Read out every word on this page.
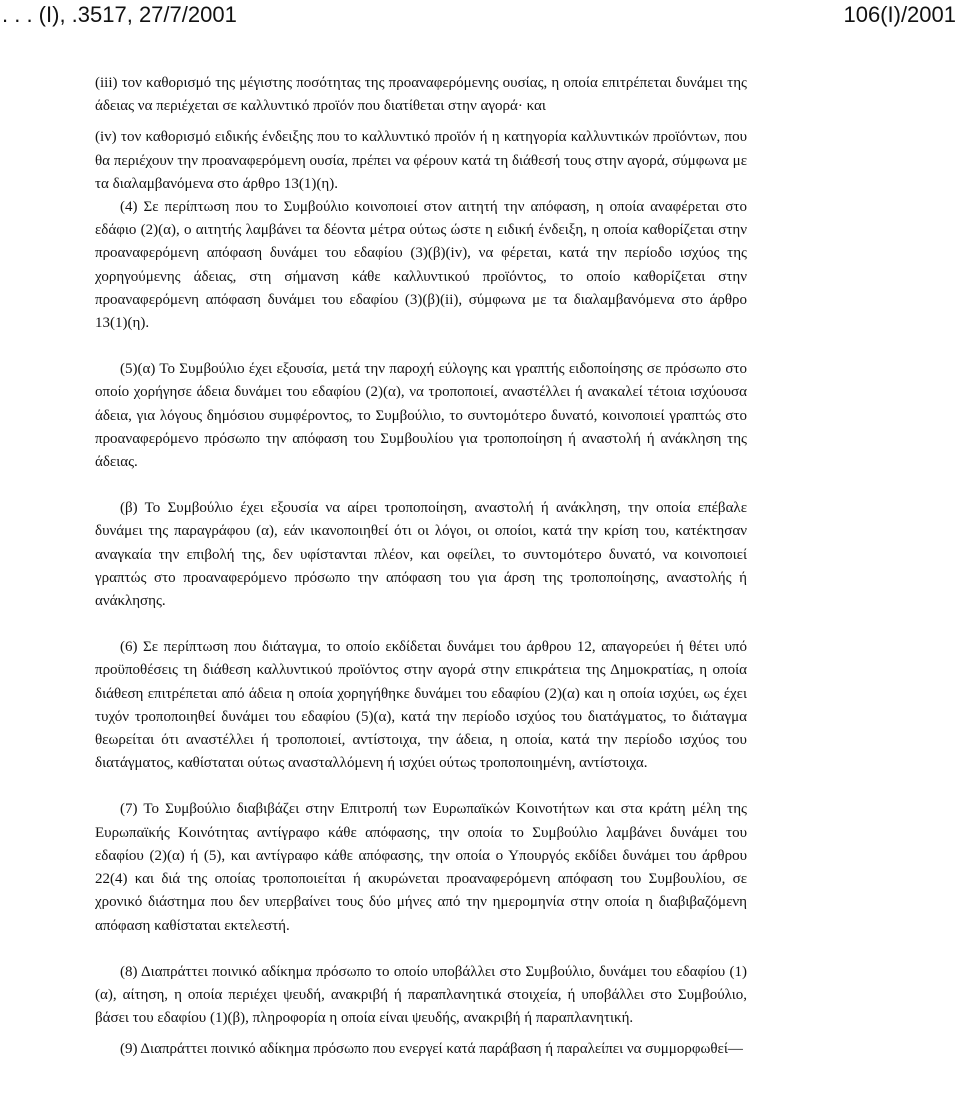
. . . (Ι), .3517, 27/7/2001	106(Ι)/2001

(iii) τον καθορισμό της μέγιστης ποσότητας της προαναφερόμενης ουσίας, η οποία επιτρέπεται δυνάμει της άδειας να περιέχεται σε καλλυντικό προϊόν που διατίθεται στην αγορά· και

(iv) τον καθορισμό ειδικής ένδειξης που το καλλυντικό προϊόν ή η κατηγορία καλλυντικών προϊόντων, που θα περιέχουν την προαναφερόμενη ουσία, πρέπει να φέρουν κατά τη διάθεσή τους στην αγορά, σύμφωνα με τα διαλαμβανόμενα στο άρθρο 13(1)(η).

(4) Σε περίπτωση που το Συμβούλιο κοινοποιεί στον αιτητή την απόφαση, η οποία αναφέρεται στο εδάφιο (2)(α), ο αιτητής λαμβάνει τα δέοντα μέτρα ούτως ώστε η ειδική ένδειξη, η οποία καθορίζεται στην προαναφερόμενη απόφαση δυνάμει του εδαφίου (3)(β)(iv), να φέρεται, κατά την περίοδο ισχύος της χορηγούμενης άδειας, στη σήμανση κάθε καλλυντικού προϊόντος, το οποίο καθορίζεται στην προαναφερόμενη απόφαση δυνάμει του εδαφίου (3)(β)(ii), σύμφωνα με τα διαλαμβανόμενα στο άρθρο 13(1)(η).

(5)(α) Το Συμβούλιο έχει εξουσία, μετά την παροχή εύλογης και γραπτής ειδοποίησης σε πρόσωπο στο οποίο χορήγησε άδεια δυνάμει του εδαφίου (2)(α), να τροποποιεί, αναστέλλει ή ανακαλεί τέτοια ισχύουσα άδεια, για λόγους δημόσιου συμφέροντος, το Συμβούλιο, το συντομότερο δυνατό, κοινοποιεί γραπτώς στο προαναφερόμενο πρόσωπο την απόφαση του Συμβουλίου για τροποποίηση ή αναστολή ή ανάκληση της άδειας.

(β) Το Συμβούλιο έχει εξουσία να αίρει τροποποίηση, αναστολή ή ανάκληση, την οποία επέβαλε δυνάμει της παραγράφου (α), εάν ικανοποιηθεί ότι οι λόγοι, οι οποίοι, κατά την κρίση του, κατέκτησαν αναγκαία την επιβολή της, δεν υφίστανται πλέον, και οφείλει, το συντομότερο δυνατό, να κοινοποιεί γραπτώς στο προαναφερόμενο πρόσωπο την απόφαση του για άρση της τροποποίησης, αναστολής ή ανάκλησης.

(6) Σε περίπτωση που διάταγμα, το οποίο εκδίδεται δυνάμει του άρθρου 12, απαγορεύει ή θέτει υπό προϋποθέσεις τη διάθεση καλλυντικού προϊόντος στην αγορά στην επικράτεια της Δημοκρατίας, η οποία διάθεση επιτρέπεται από άδεια η οποία χορηγήθηκε δυνάμει του εδαφίου (2)(α) και η οποία ισχύει, ως έχει τυχόν τροποποιηθεί δυνάμει του εδαφίου (5)(α), κατά την περίοδο ισχύος του διατάγματος, το διάταγμα θεωρείται ότι αναστέλλει ή τροποποιεί, αντίστοιχα, την άδεια, η οποία, κατά την περίοδο ισχύος του διατάγματος, καθίσταται ούτως ανασταλλόμενη ή ισχύει ούτως τροποποιημένη, αντίστοιχα.

(7) Το Συμβούλιο διαβιβάζει στην Επιτροπή των Ευρωπαϊκών Κοινοτήτων και στα κράτη μέλη της Ευρωπαϊκής Κοινότητας αντίγραφο κάθε απόφασης, την οποία το Συμβούλιο λαμβάνει δυνάμει του εδαφίου (2)(α) ή (5), και αντίγραφο κάθε απόφασης, την οποία ο Υπουργός εκδίδει δυνάμει του άρθρου 22(4) και διά της οποίας τροποποιείται ή ακυρώνεται προαναφερόμενη απόφαση του Συμβουλίου, σε χρονικό διάστημα που δεν υπερβαίνει τους δύο μήνες από την ημερομηνία στην οποία η διαβιβαζόμενη απόφαση καθίσταται εκτελεστή.

(8) Διαπράττει ποινικό αδίκημα πρόσωπο το οποίο υποβάλλει στο Συμβούλιο, δυνάμει του εδαφίου (1)(α), αίτηση, η οποία περιέχει ψευδή, ανακριβή ή παραπλανητικά στοιχεία, ή υποβάλλει στο Συμβούλιο, βάσει του εδαφίου (1)(β), πληροφορία η οποία είναι ψευδής, ανακριβή ή παραπλανητική.

(9) Διαπράττει ποινικό αδίκημα πρόσωπο που ενεργεί κατά παράβαση ή παραλείπει να συμμορφωθεί—
